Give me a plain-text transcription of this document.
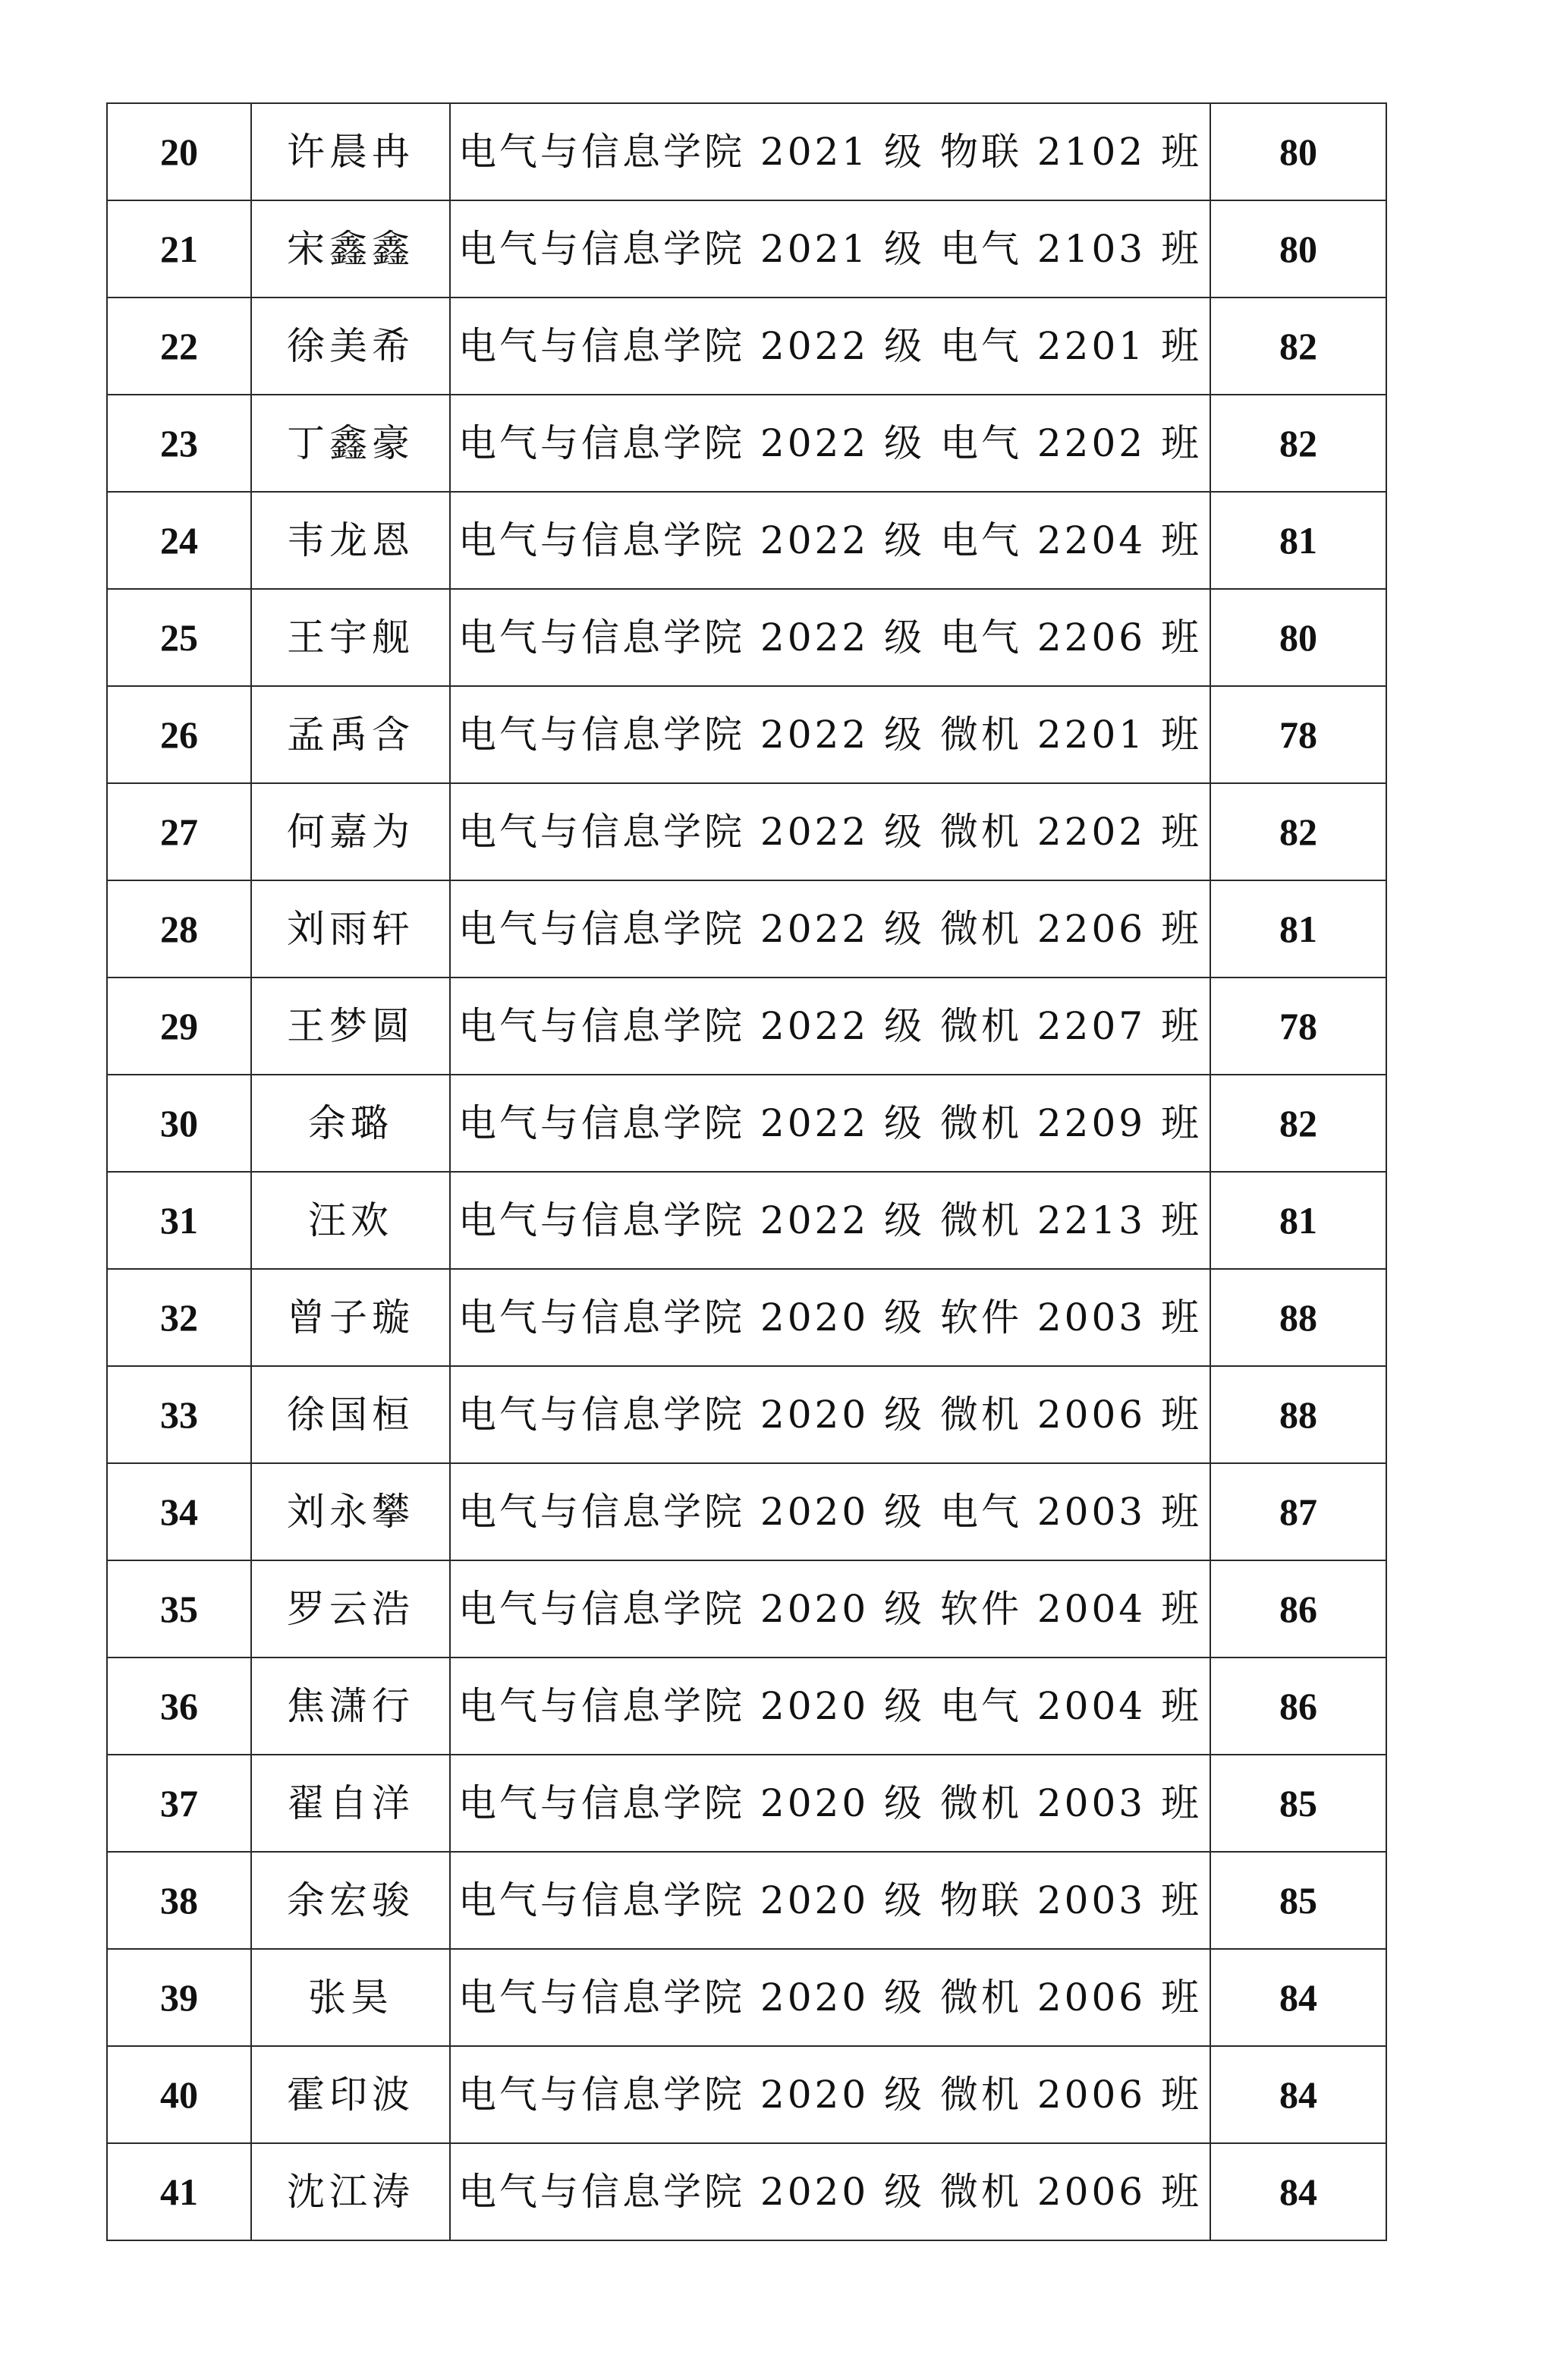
20	许晨冉	电气与信息学院 2021 级 物联 2102 班	80
21	宋鑫鑫	电气与信息学院 2021 级 电气 2103 班	80
22	徐美希	电气与信息学院 2022 级 电气 2201 班	82
23	丁鑫豪	电气与信息学院 2022 级 电气 2202 班	82
24	韦龙恩	电气与信息学院 2022 级 电气 2204 班	81
25	王宇舰	电气与信息学院 2022 级 电气 2206 班	80
26	孟禹含	电气与信息学院 2022 级 微机 2201 班	78
27	何嘉为	电气与信息学院 2022 级 微机 2202 班	82
28	刘雨轩	电气与信息学院 2022 级 微机 2206 班	81
29	王梦圆	电气与信息学院 2022 级 微机 2207 班	78
30	余璐	电气与信息学院 2022 级 微机 2209 班	82
31	汪欢	电气与信息学院 2022 级 微机 2213 班	81
32	曾子璇	电气与信息学院 2020 级 软件 2003 班	88
33	徐国桓	电气与信息学院 2020 级 微机 2006 班	88
34	刘永攀	电气与信息学院 2020 级 电气 2003 班	87
35	罗云浩	电气与信息学院 2020 级 软件 2004 班	86
36	焦潇行	电气与信息学院 2020 级 电气 2004 班	86
37	翟自洋	电气与信息学院 2020 级 微机 2003 班	85
38	余宏骏	电气与信息学院 2020 级 物联 2003 班	85
39	张昊	电气与信息学院 2020 级 微机 2006 班	84
40	霍印波	电气与信息学院 2020 级 微机 2006 班	84
41	沈江涛	电气与信息学院 2020 级 微机 2006 班	84
